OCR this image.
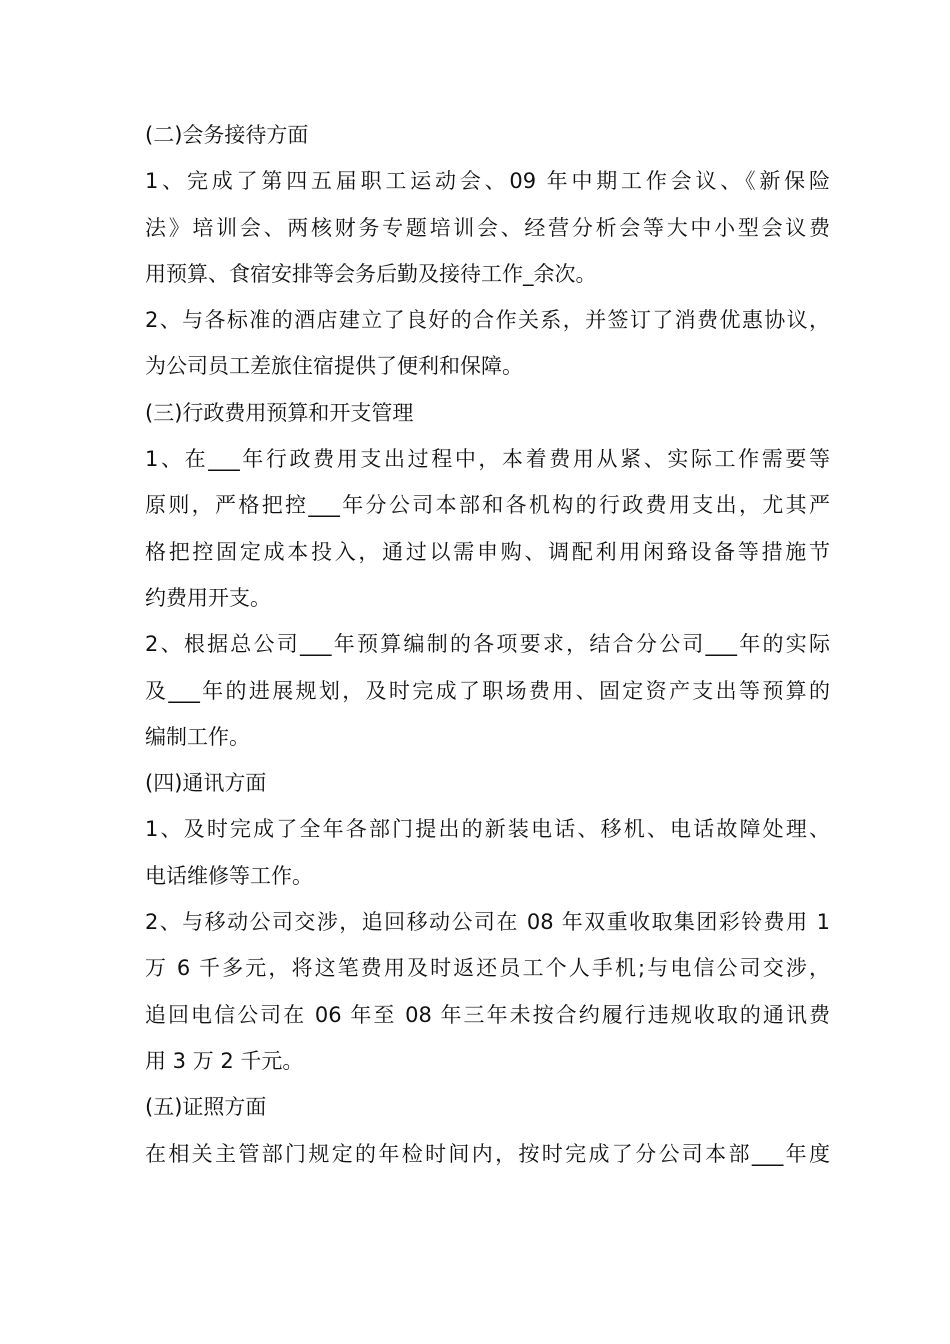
(二)会务接待方面
1、完成了第四五届职工运动会、09 年中期工作会议、《新保险
法》培训会、两核财务专题培训会、经营分析会等大中小型会议费
用预算、食宿安排等会务后勤及接待工作_余次。
2、与各标准的酒店建立了良好的合作关系，并签订了消费优惠协议，
为公司员工差旅住宿提供了便利和保障。
(三)行政费用预算和开支管理
1、在___年行政费用支出过程中，本着费用从紧、实际工作需要等
原则，严格把控___年分公司本部和各机构的行政费用支出，尤其严
格把控固定成本投入，通过以需申购、调配利用闲臵设备等措施节
约费用开支。
2、根据总公司___年预算编制的各项要求，结合分公司___年的实际
及___年的进展规划，及时完成了职场费用、固定资产支出等预算的
编制工作。
(四)通讯方面
1、及时完成了全年各部门提出的新装电话、移机、电话故障处理、
电话维修等工作。
2、与移动公司交涉，追回移动公司在 08 年双重收取集团彩铃费用 1
万 6 千多元，将这笔费用及时返还员工个人手机;与电信公司交涉，
追回电信公司在 06 年至 08 年三年未按合约履行违规收取的通讯费
用 3 万 2 千元。
(五)证照方面
在相关主管部门规定的年检时间内，按时完成了分公司本部___年度
